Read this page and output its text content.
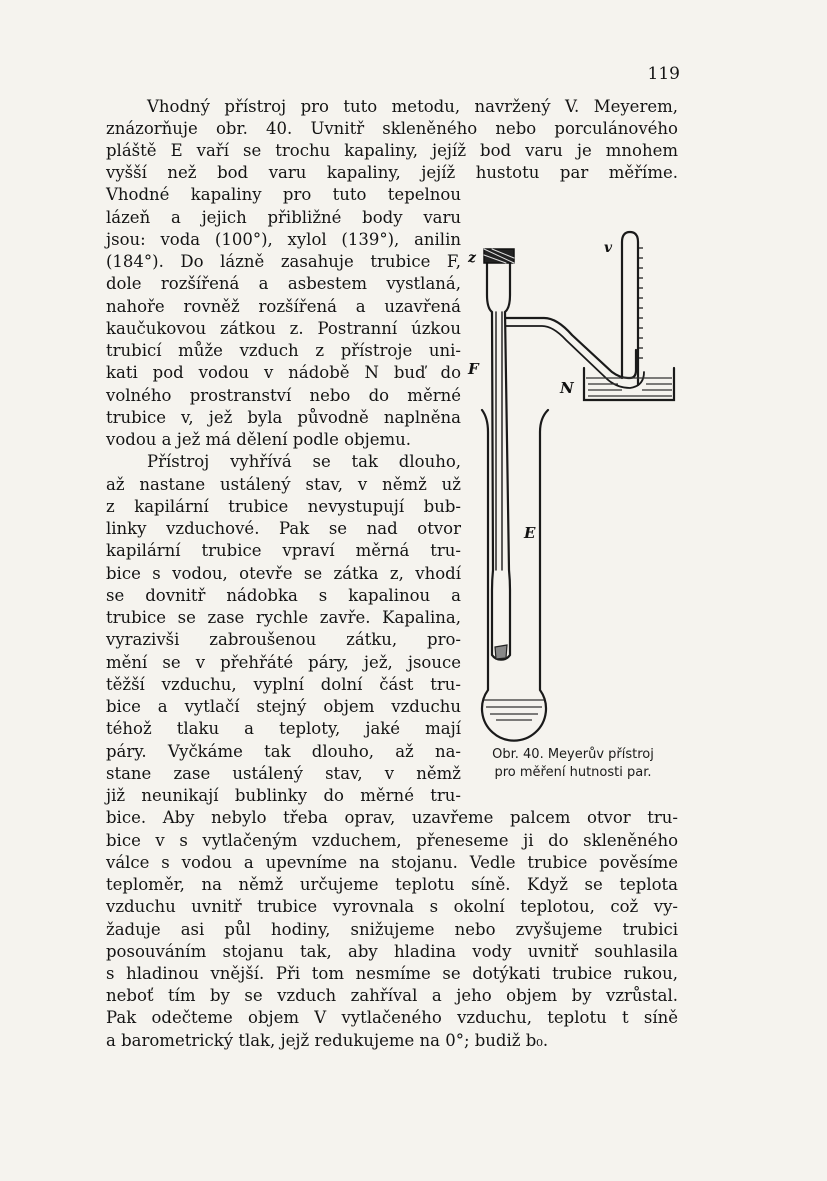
119
Vhodný přístroj pro tuto metodu, navržený V. Meyerem,
znázorňuje obr. 40. Uvnitř skleněného nebo porculánového
pláště E vaří se trochu kapaliny, jejíž bod varu je mnohem
vyšší než bod varu kapaliny, jejíž hustotu par měříme.
Vhodné kapaliny pro tuto tepelnou
lázeň a jejich přibližné body varu
jsou: voda (100°), xylol (139°), anilin
(184°). Do lázně zasahuje trubice F,
dole rozšířená a asbestem vystlaná,
nahoře rovněž rozšířená a uzavřená
kaučukovou zátkou z. Postranní úzkou
trubicí může vzduch z přístroje uni-
kati pod vodou v nádobě N buď do
volného prostranství nebo do měrné
trubice v, jež byla původně naplněna
vodou a jež má dělení podle objemu.
Přístroj vyhřívá se tak dlouho,
až nastane ustálený stav, v němž už
z kapilární trubice nevystupují bub-
linky vzduchové. Pak se nad otvor
kapilární trubice vpraví měrná tru-
bice s vodou, otevře se zátka z, vhodí
se dovnitř nádobka s kapalinou a
trubice se zase rychle zavře. Kapalina,
vyrazivši zabroušenou zátku, pro-
mění se v přehřáté páry, jež, jsouce
těžší vzduchu, vyplní dolní část tru-
bice a vytlačí stejný objem vzduchu
téhož tlaku a teploty, jaké mají
páry. Vyčkáme tak dlouho, až na-
stane zase ustálený stav, v němž
již neunikají bublinky do měrné tru-
bice. Aby nebylo třeba oprav, uzavřeme palcem otvor tru-
bice v s vytlačeným vzduchem, přeneseme ji do skleněného
válce s vodou a upevníme na stojanu. Vedle trubice pověsíme
teploměr, na němž určujeme teplotu síně. Když se teplota
vzduchu uvnitř trubice vyrovnala s okolní teplotou, což vy-
žaduje asi půl hodiny, snižujeme nebo zvyšujeme trubici
posouváním stojanu tak, aby hladina vody uvnitř souhlasila
s hladinou vnější. Při tom nesmíme se dotýkati trubice rukou,
neboť tím by se vzduch zahříval a jeho objem by vzrůstal.
Pak odečteme objem V vytlačeného vzduchu, teplotu t síně
a barometrický tlak, jejž redukujeme na 0°; budiž b₀.
z
v
F
N
E
Obr. 40. Meyerův přístroj
pro měření hutnosti par.
